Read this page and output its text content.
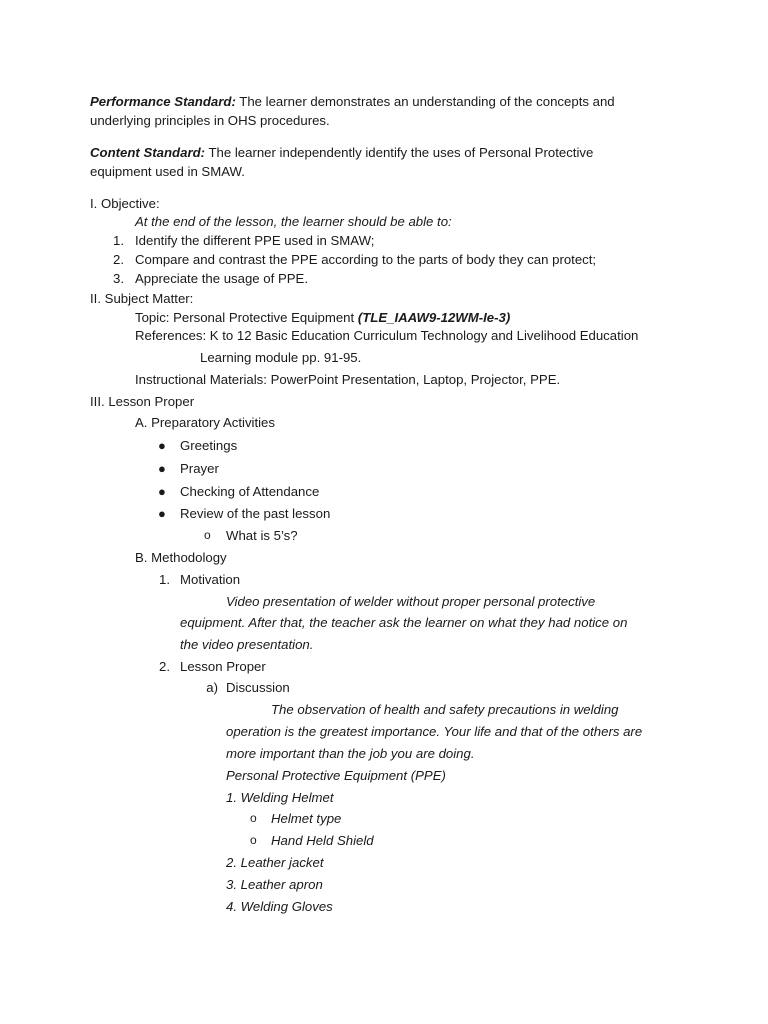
Performance Standard: The learner demonstrates an understanding of the concepts and
underlying principles in OHS procedures.
Content Standard: The learner independently identify the uses of Personal Protective
equipment used in SMAW.
I. Objective:
At the end of the lesson, the learner should be able to:
1. Identify the different PPE used in SMAW;
2. Compare and contrast the PPE according to the parts of body they can protect;
3. Appreciate the usage of PPE.
II. Subject Matter:
Topic: Personal Protective Equipment (TLE_IAAW9-12WM-Ie-3)
References: K to 12 Basic Education Curriculum Technology and Livelihood Education
Learning module pp. 91-95.
Instructional Materials: PowerPoint Presentation, Laptop, Projector, PPE.
III. Lesson Proper
A. Preparatory Activities
● Greetings
● Prayer
● Checking of Attendance
● Review of the past lesson
o What is 5’s?
B. Methodology
1. Motivation
Video presentation of welder without proper personal protective
equipment. After that, the teacher ask the learner on what they had notice on
the video presentation.
2. Lesson Proper
a) Discussion
The observation of health and safety precautions in welding
operation is the greatest importance. Your life and that of the others are
more important than the job you are doing.
Personal Protective Equipment (PPE)
1. Welding Helmet
o Helmet type
o Hand Held Shield
2. Leather jacket
3. Leather apron
4. Welding Gloves
